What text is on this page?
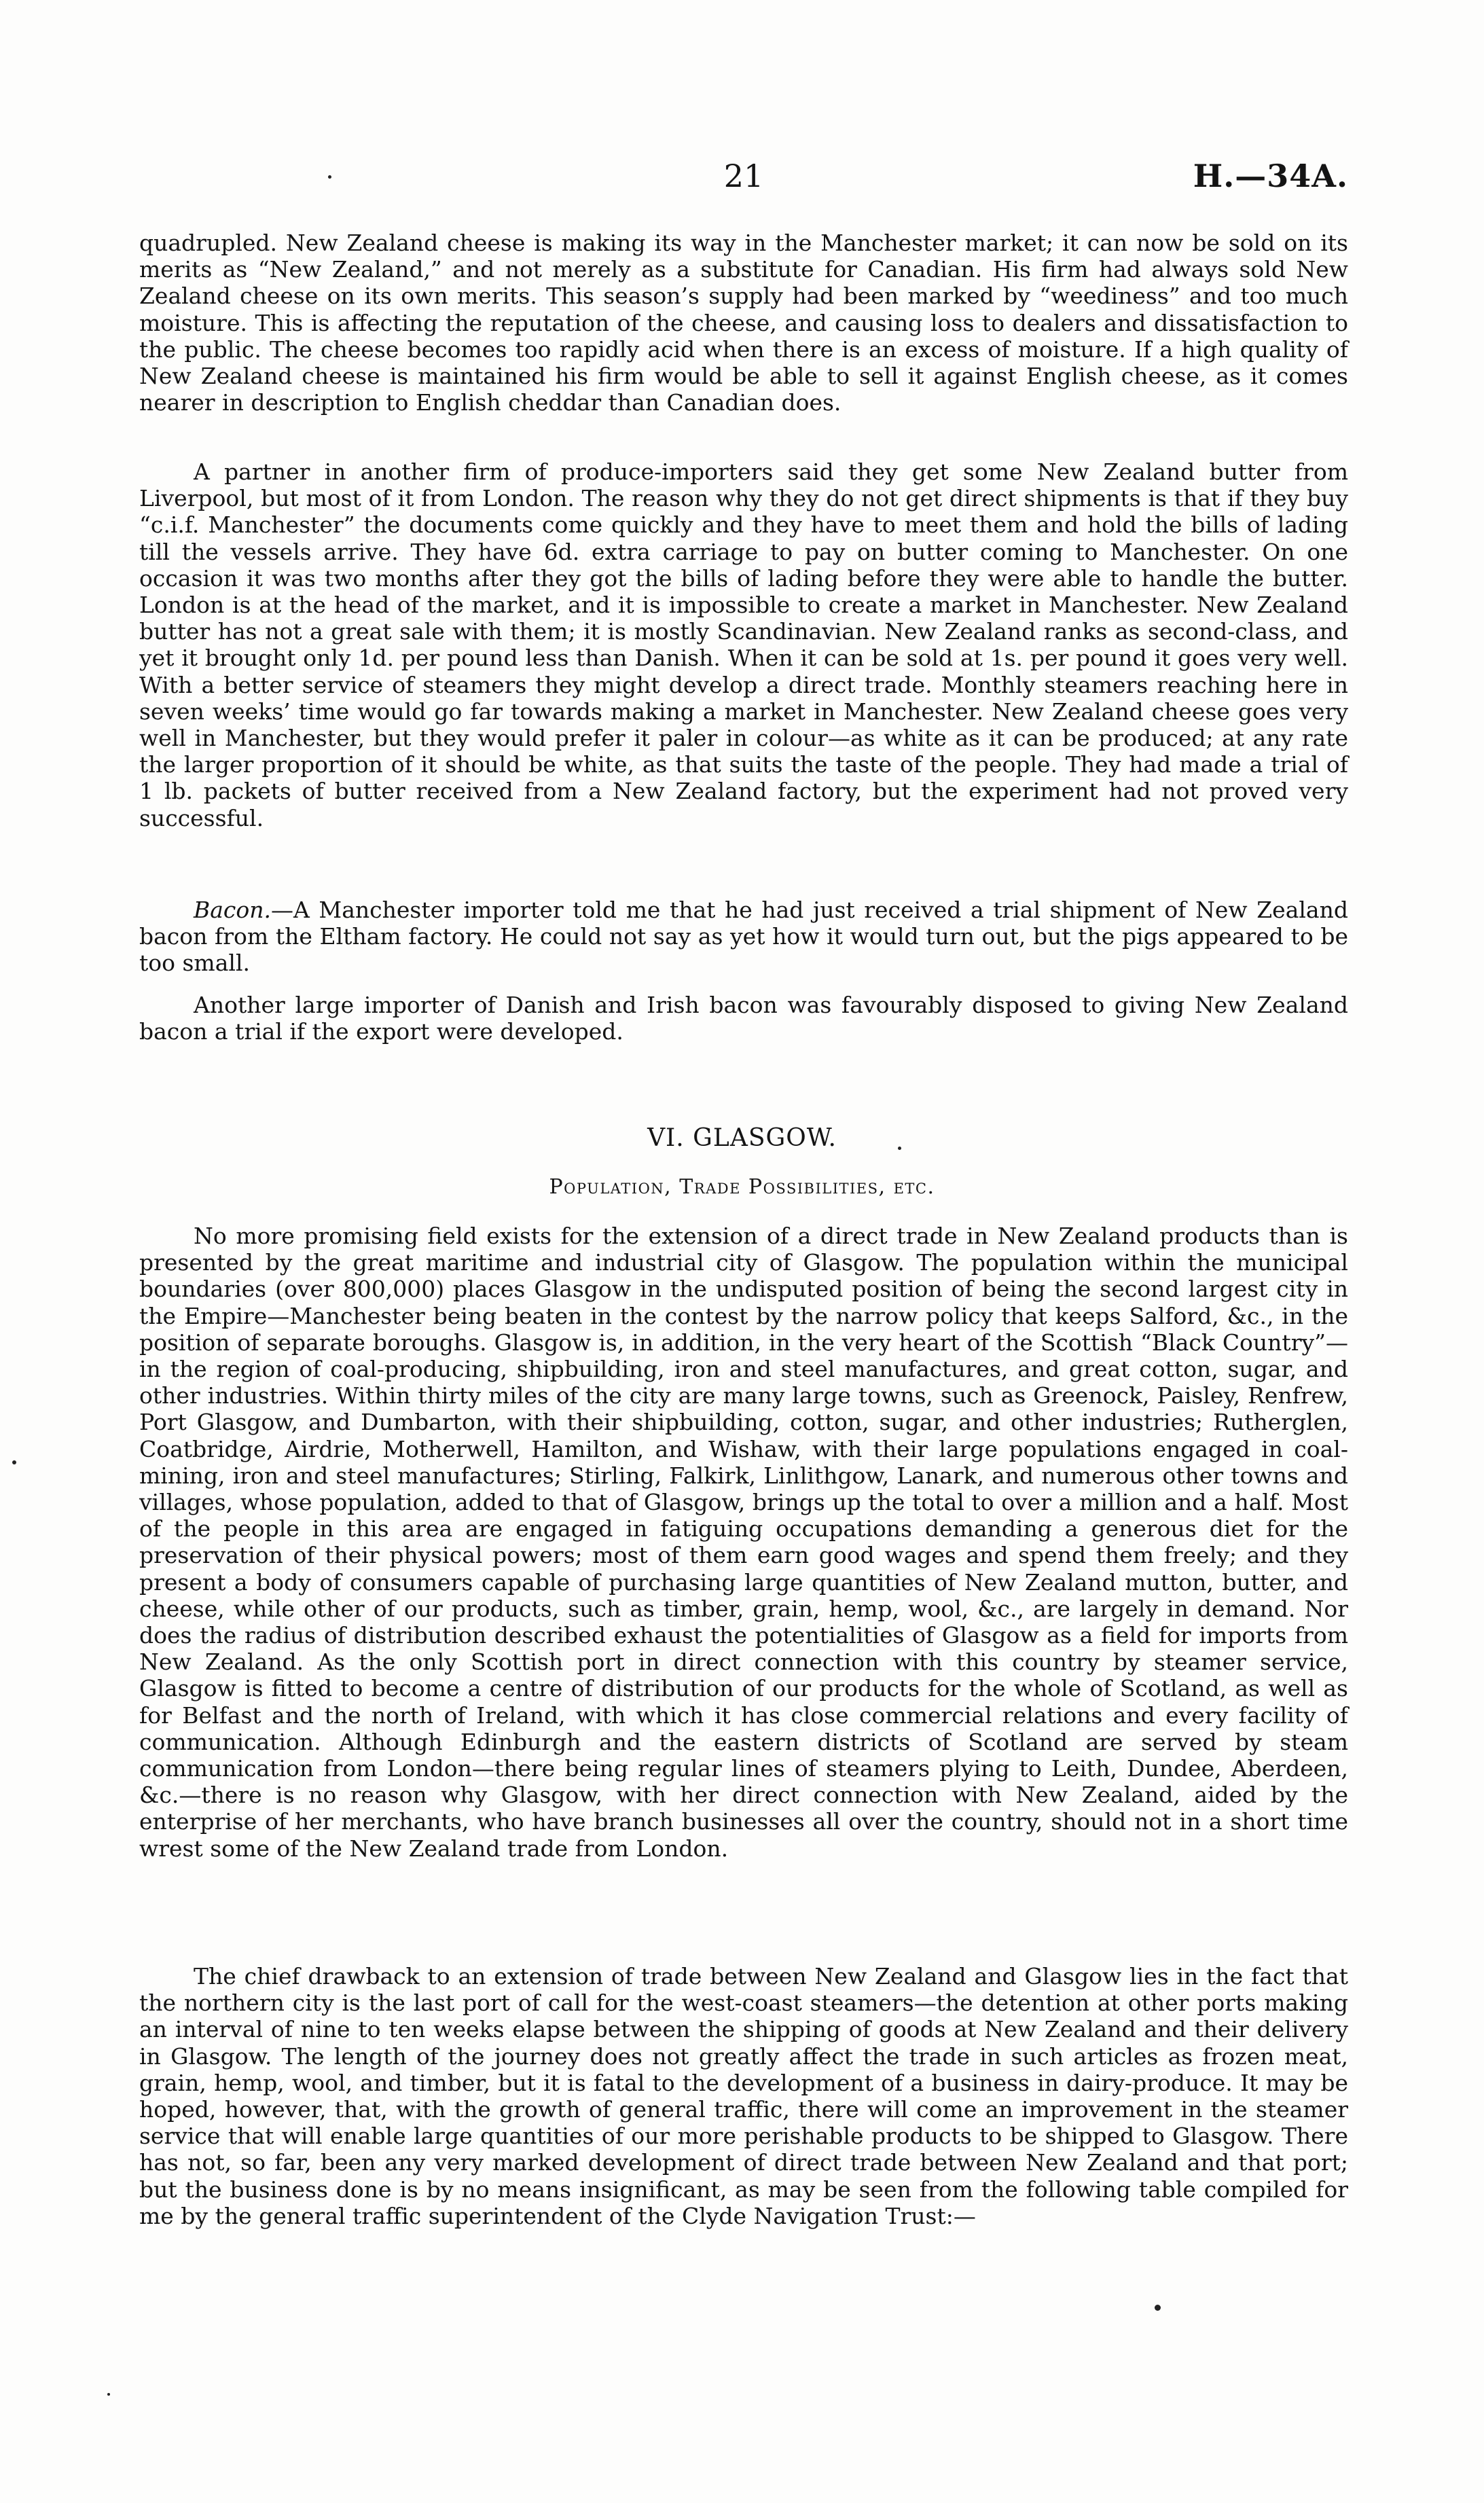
21	H.—34A.

quadrupled. New Zealand cheese is making its way in the Manchester market; it can now be sold on its merits as “New Zealand,” and not merely as a substitute for Canadian. His firm had always sold New Zealand cheese on its own merits. This season’s supply had been marked by “weediness” and too much moisture. This is affecting the reputation of the cheese, and causing loss to dealers and dissatisfaction to the public. The cheese becomes too rapidly acid when there is an excess of moisture. If a high quality of New Zealand cheese is maintained his firm would be able to sell it against English cheese, as it comes nearer in description to English cheddar than Canadian does.

A partner in another firm of produce-importers said they get some New Zealand butter from Liverpool, but most of it from London. The reason why they do not get direct shipments is that if they buy “c.i.f. Manchester” the documents come quickly and they have to meet them and hold the bills of lading till the vessels arrive. They have 6d. extra carriage to pay on butter coming to Manchester. On one occasion it was two months after they got the bills of lading before they were able to handle the butter. London is at the head of the market, and it is impossible to create a market in Manchester. New Zealand butter has not a great sale with them; it is mostly Scandinavian. New Zealand ranks as second-class, and yet it brought only 1d. per pound less than Danish. When it can be sold at 1s. per pound it goes very well. With a better service of steamers they might develop a direct trade. Monthly steamers reaching here in seven weeks’ time would go far towards making a market in Manchester. New Zealand cheese goes very well in Manchester, but they would prefer it paler in colour—as white as it can be produced; at any rate the larger proportion of it should be white, as that suits the taste of the people. They had made a trial of 1 lb. packets of butter received from a New Zealand factory, but the experiment had not proved very successful.

Bacon.—A Manchester importer told me that he had just received a trial shipment of New Zealand bacon from the Eltham factory. He could not say as yet how it would turn out, but the pigs appeared to be too small.

Another large importer of Danish and Irish bacon was favourably disposed to giving New Zealand bacon a trial if the export were developed.

VI. GLASGOW.
Population, Trade Possibilities, etc.

No more promising field exists for the extension of a direct trade in New Zealand products than is presented by the great maritime and industrial city of Glasgow. The population within the municipal boundaries (over 800,000) places Glasgow in the undisputed position of being the second largest city in the Empire—Manchester being beaten in the contest by the narrow policy that keeps Salford, &c., in the position of separate boroughs. Glasgow is, in addition, in the very heart of the Scottish “Black Country”—in the region of coal-producing, shipbuilding, iron and steel manufactures, and great cotton, sugar, and other industries. Within thirty miles of the city are many large towns, such as Greenock, Paisley, Renfrew, Port Glasgow, and Dumbarton, with their shipbuilding, cotton, sugar, and other industries; Rutherglen, Coatbridge, Airdrie, Motherwell, Hamilton, and Wishaw, with their large populations engaged in coal-mining, iron and steel manufactures; Stirling, Falkirk, Linlithgow, Lanark, and numerous other towns and villages, whose population, added to that of Glasgow, brings up the total to over a million and a half. Most of the people in this area are engaged in fatiguing occupations demanding a generous diet for the preservation of their physical powers; most of them earn good wages and spend them freely; and they present a body of consumers capable of purchasing large quantities of New Zealand mutton, butter, and cheese, while other of our products, such as timber, grain, hemp, wool, &c., are largely in demand. Nor does the radius of distribution described exhaust the potentialities of Glasgow as a field for imports from New Zealand. As the only Scottish port in direct connection with this country by steamer service, Glasgow is fitted to become a centre of distribution of our products for the whole of Scotland, as well as for Belfast and the north of Ireland, with which it has close commercial relations and every facility of communication. Although Edinburgh and the eastern districts of Scotland are served by steam communication from London—there being regular lines of steamers plying to Leith, Dundee, Aberdeen, &c.—there is no reason why Glasgow, with her direct connection with New Zealand, aided by the enterprise of her merchants, who have branch businesses all over the country, should not in a short time wrest some of the New Zealand trade from London.

The chief drawback to an extension of trade between New Zealand and Glasgow lies in the fact that the northern city is the last port of call for the west-coast steamers—the detention at other ports making an interval of nine to ten weeks elapse between the shipping of goods at New Zealand and their delivery in Glasgow. The length of the journey does not greatly affect the trade in such articles as frozen meat, grain, hemp, wool, and timber, but it is fatal to the development of a business in dairy-produce. It may be hoped, however, that, with the growth of general traffic, there will come an improvement in the steamer service that will enable large quantities of our more perishable products to be shipped to Glasgow. There has not, so far, been any very marked development of direct trade between New Zealand and that port; but the business done is by no means insignificant, as may be seen from the following table compiled for me by the general traffic superintendent of the Clyde Navigation Trust:—
